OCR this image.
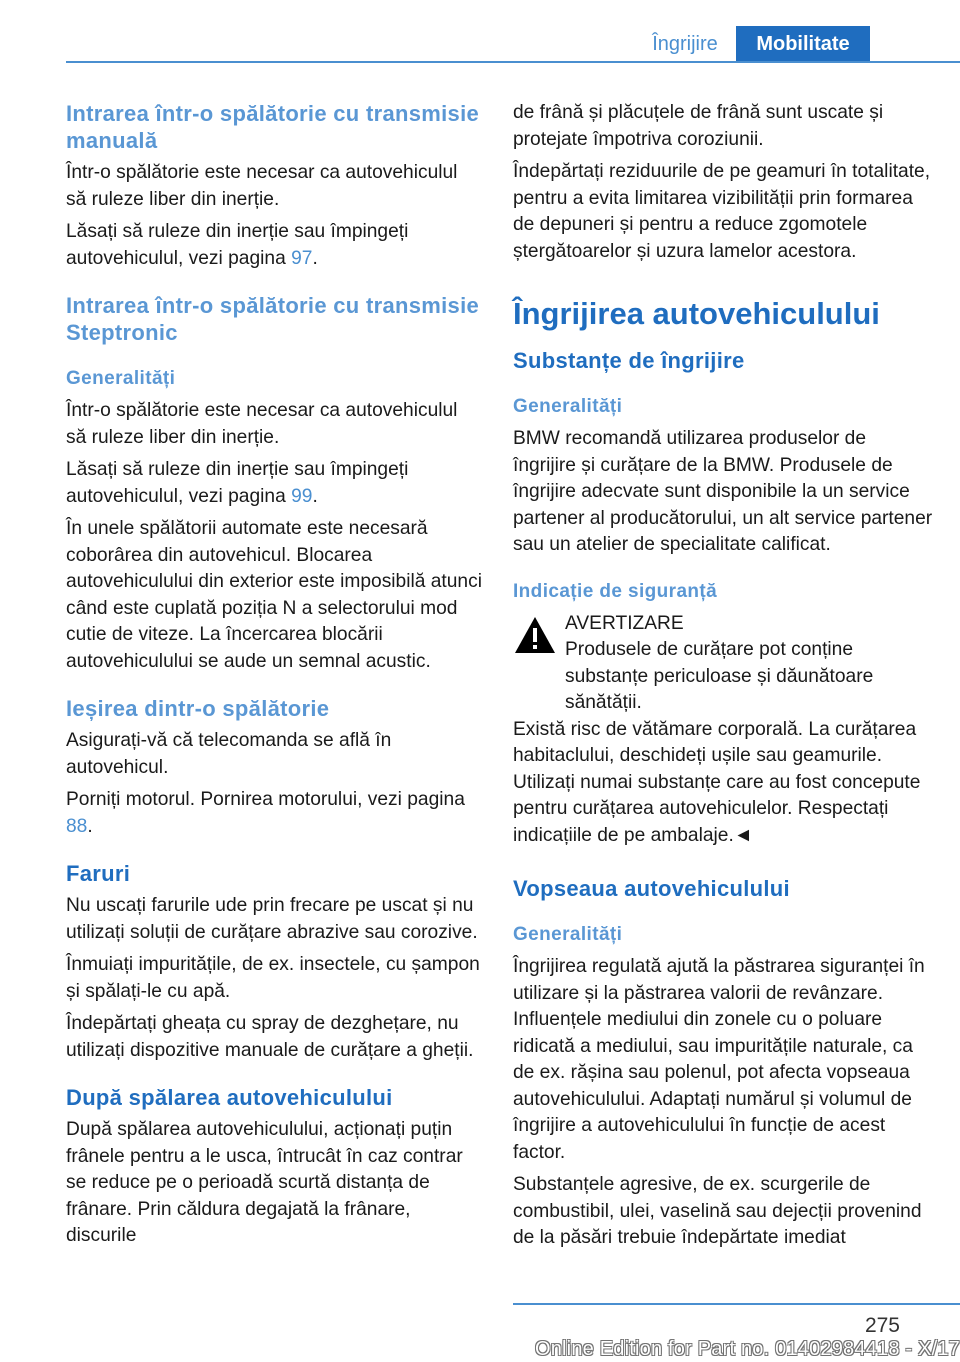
Îngrijire	Mobilitate
Intrarea într-o spălătorie cu transmisie manuală

Într-o spălătorie este necesar ca autovehiculul să ruleze liber din inerție.

Lăsați să ruleze din inerție sau împingeți autovehiculul, vezi pagina 97.

Intrarea într-o spălătorie cu transmisie Steptronic
Generalități

Într-o spălătorie este necesar ca autovehiculul să ruleze liber din inerție.

Lăsați să ruleze din inerție sau împingeți autovehiculul, vezi pagina 99.

În unele spălătorii automate este necesară coborârea din autovehicul. Blocarea autovehiculului din exterior este imposibilă atunci când este cuplată poziția N a selectorului mod cutie de viteze. La încercarea blocării autovehiculului se aude un semnal acustic.

Ieșirea dintr-o spălătorie

Asigurați-vă că telecomanda se află în autovehicul.

Porniți motorul. Pornirea motorului, vezi pagina 88.

Faruri

Nu uscați farurile ude prin frecare pe uscat și nu utilizați soluții de curățare abrazive sau corozive.

Înmuiați impuritățile, de ex. insectele, cu șampon și spălați-le cu apă.

Îndepărtați gheața cu spray de dezghețare, nu utilizați dispozitive manuale de curățare a gheții.

După spălarea autovehiculului

După spălarea autovehiculului, acționați puțin frânele pentru a le usca, întrucât în caz contrar se reduce pe o perioadă scurtă distanța de frânare. Prin căldura degajată la frânare, discurile

de frână și plăcuțele de frână sunt uscate și protejate împotriva coroziunii.

Îndepărtați reziduurile de pe geamuri în totalitate, pentru a evita limitarea vizibilității prin formarea de depuneri și pentru a reduce zgomotele ștergătoarelor și uzura lamelor acestora.

Îngrijirea autovehiculului
Substanțe de îngrijire
Generalități

BMW recomandă utilizarea produselor de îngrijire și curățare de la BMW. Produsele de îngrijire adecvate sunt disponibile la un service partener al producătorului, un alt service partener sau un atelier de specialitate calificat.

Indicație de siguranță

AVERTIZARE

Produsele de curățare pot conține substanțe periculoase și dăunătoare sănătății.

Există risc de vătămare corporală. La curățarea habitaclului, deschideți ușile sau geamurile. Utilizați numai substanțe care au fost concepute pentru curățarea autovehiculelor. Respectați indicațiile de pe ambalaje.◄

Vopseaua autovehiculului
Generalități

Îngrijirea regulată ajută la păstrarea siguranței în utilizare și la păstrarea valorii de revânzare. Influențele mediului din zonele cu o poluare ridicată a mediului, sau impuritățile naturale, ca de ex. rășina sau polenul, pot afecta vopseaua autovehiculului. Adaptați numărul și volumul de îngrijire a autovehiculului în funcție de acest factor.

Substanțele agresive, de ex. scurgerile de combustibil, ulei, vaselină sau dejecții provenind de la păsări trebuie îndepărtate imediat

275
Online Edition for Part no. 01402984418 - X/17
